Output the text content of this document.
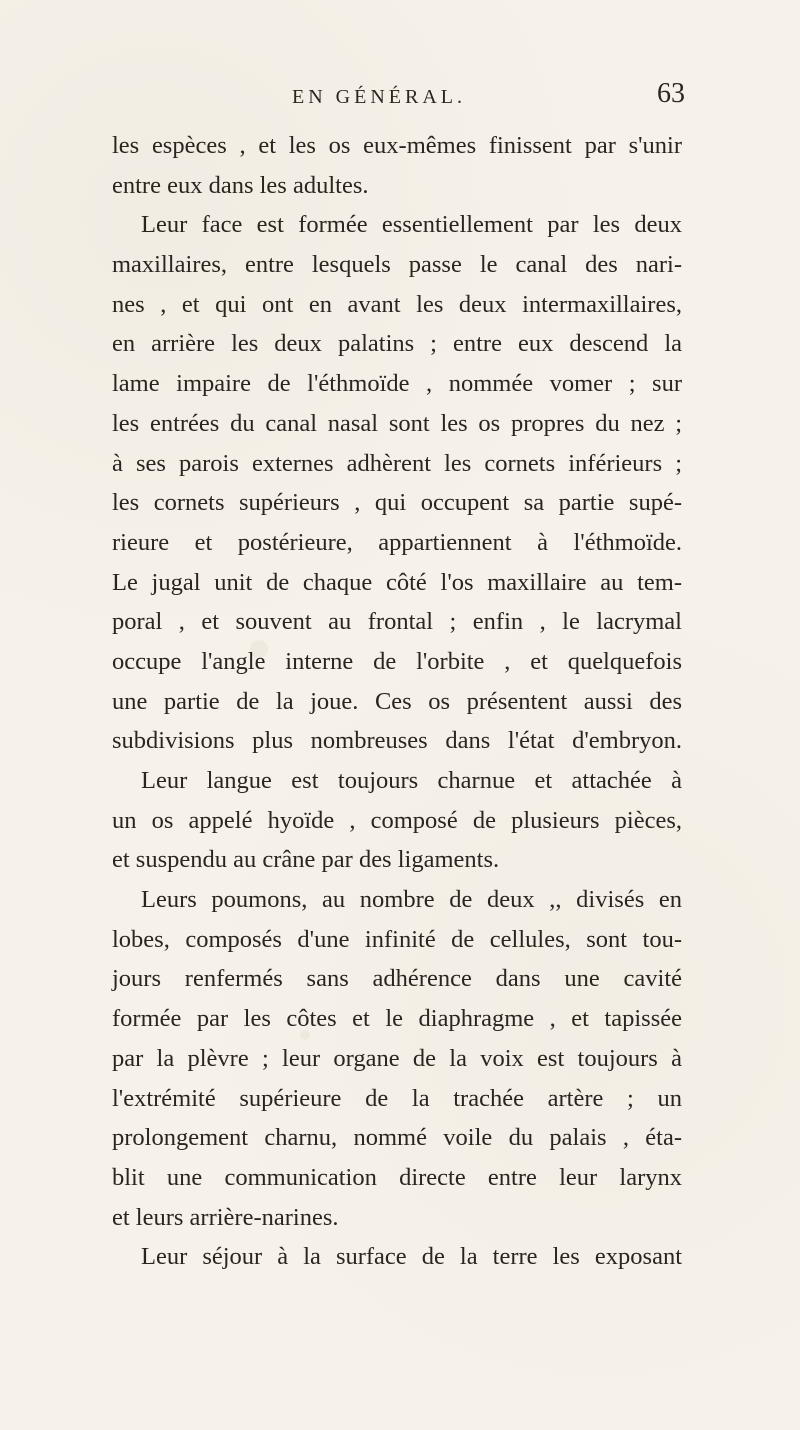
EN GÉNÉRAL.	63
les espèces , et les os eux-mêmes finissent par s'unir
entre eux dans les adultes.
Leur face est formée essentiellement par les deux
maxillaires, entre lesquels passe le canal des nari-
nes , et qui ont en avant les deux intermaxillaires,
en arrière les deux palatins ; entre eux descend la
lame impaire de l'éthmoïde , nommée vomer ; sur
les entrées du canal nasal sont les os propres du nez ;
à ses parois externes adhèrent les cornets inférieurs ;
les cornets supérieurs , qui occupent sa partie supé-
rieure et postérieure, appartiennent à l'éthmoïde.
Le jugal unit de chaque côté l'os maxillaire au tem-
poral , et souvent au frontal ; enfin , le lacrymal
occupe l'angle interne de l'orbite , et quelquefois
une partie de la joue. Ces os présentent aussi des
subdivisions plus nombreuses dans l'état d'embryon.
Leur langue est toujours charnue et attachée à
un os appelé hyoïde , composé de plusieurs pièces,
et suspendu au crâne par des ligaments.
Leurs poumons, au nombre de deux ,, divisés en
lobes, composés d'une infinité de cellules, sont tou-
jours renfermés sans adhérence dans une cavité
formée par les côtes et le diaphragme , et tapissée
par la plèvre ; leur organe de la voix est toujours à
l'extrémité supérieure de la trachée artère ; un
prolongement charnu, nommé voile du palais , éta-
blit une communication directe entre leur larynx
et leurs arrière-narines.
Leur séjour à la surface de la terre les exposant
